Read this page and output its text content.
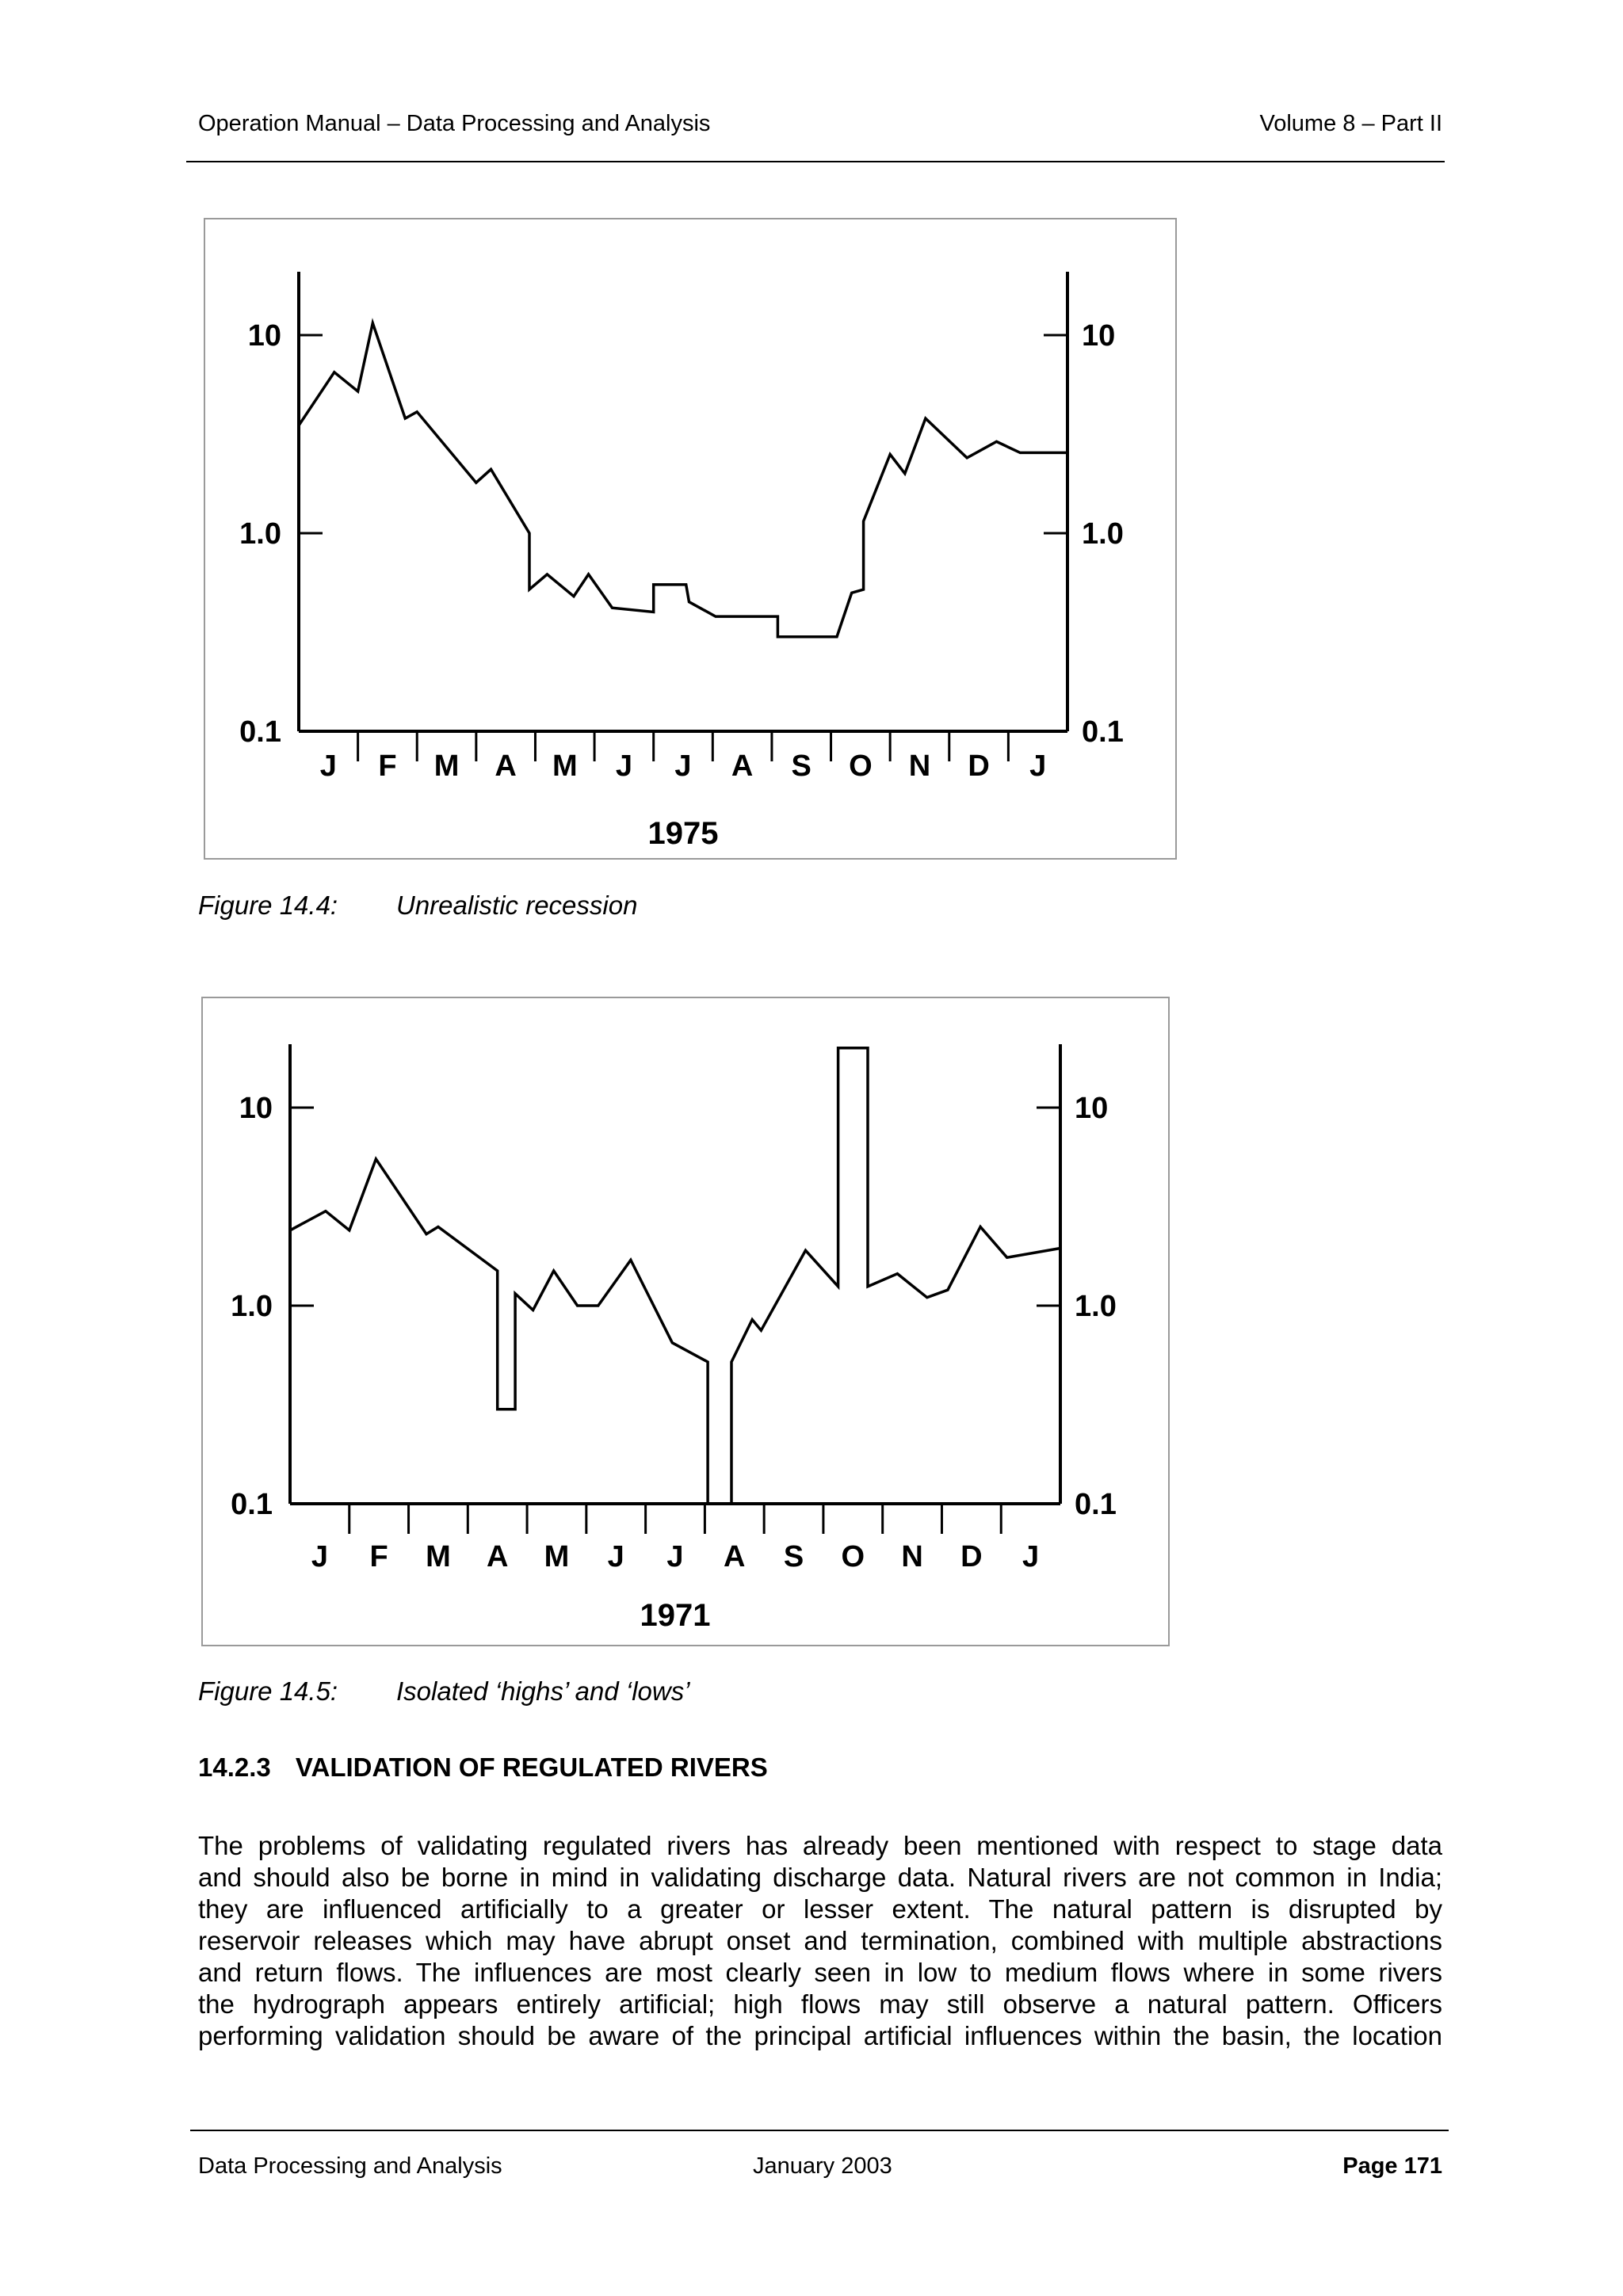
Operation Manual – Data Processing and Analysis	Volume 8 – Part II
10	10
1.0	1.0
0.1	0.1
J F M A M J J A S O N D J
1975
Figure 14.4: Unrealistic recession
10	10
1.0	1.0
0.1	0.1
J F M A M J J A S O N D J
1971
Figure 14.5: Isolated ‘highs’ and ‘lows’
14.2.3 VALIDATION OF REGULATED RIVERS
The problems of validating regulated rivers has already been mentioned with respect to stage data
and should also be borne in mind in validating discharge data. Natural rivers are not common in India;
they are influenced artificially to a greater or lesser extent. The natural pattern is disrupted by
reservoir releases which may have abrupt onset and termination, combined with multiple abstractions
and return flows. The influences are most clearly seen in low to medium flows where in some rivers
the hydrograph appears entirely artificial; high flows may still observe a natural pattern. Officers
performing validation should be aware of the principal artificial influences within the basin, the location
Data Processing and Analysis	January 2003	Page 171
